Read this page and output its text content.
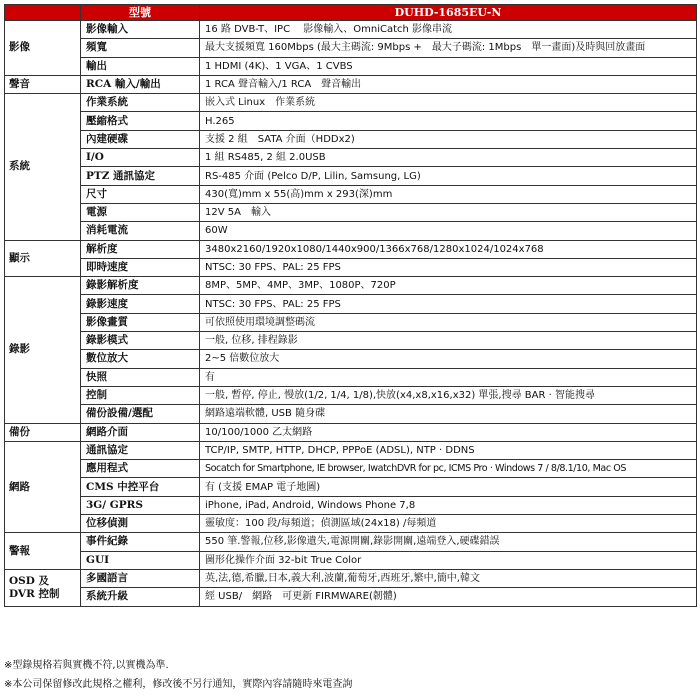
	型號	DUHD-1685EU-N
影像	影像輸入	16 路 DVB-T、IPC　 影像輸入、OmniCatch 影像串流
	頻寬	最大支援頻寬 160Mbps (最大主碼流: 9Mbps +　最大子碼流: 1Mbps　單一畫面)及時與回放畫面
	輸出	1 HDMI (4K)、1 VGA、1 CVBS
聲音	RCA 輸入/輸出	1 RCA 聲音輸入/1 RCA　聲音輸出
系統	作業系統	嵌入式 Linux　作業系統
	壓縮格式	H.265
	內建硬碟	支援 2 組　SATA 介面（HDDx2)
	I/O	1 組 RS485, 2 組 2.0USB
	PTZ 通訊協定	RS-485 介面 (Pelco D/P, Lilin, Samsung, LG)
	尺寸	430(寬)mm x 55(高)mm x 293(深)mm
	電源	12V 5A　輸入
	消耗電流	60W
顯示	解析度	3480x2160/1920x1080/1440x900/1366x768/1280x1024/1024x768
	即時速度	NTSC: 30 FPS、PAL: 25 FPS
錄影	錄影解析度	8MP、5MP、4MP、3MP、1080P、720P
	錄影速度	NTSC: 30 FPS、PAL: 25 FPS
	影像畫質	可依照使用環境調整碼流
	錄影模式	一般, 位移, 排程錄影
	數位放大	2~5 倍數位放大
	快照	有
	控制	一般, 暫停, 停止, 慢放(1/2, 1/4, 1/8),快放(x4,x8,x16,x32) 單張,搜尋 BAR · 智能搜尋
	備份設備/選配	網路遠端軟體, USB 隨身碟
備份	網路介面	10/100/1000 乙太網路
網路	通訊協定	TCP/IP, SMTP, HTTP, DHCP, PPPoE (ADSL), NTP · DDNS
	應用程式	Socatch for Smartphone, IE browser, IwatchDVR for pc, ICMS Pro · Windows 7 / 8/8.1/10, Mac OS
	CMS 中控平台	有 (支援 EMAP 電子地圖)
	3G/ GPRS	iPhone, iPad, Android, Windows Phone 7,8
	位移偵測	靈敏度：100 段/每頻道；偵測區域(24x18) /每頻道
警報	事件紀錄	550 筆.警報,位移,影像遺失,電源開關,錄影開關,遠端登入,硬碟錯誤
	GUI	圖形化操作介面 32-bit True Color
OSD 及 DVR 控制	多國語言	英,法,德,希臘,日本,義大利,波蘭,葡萄牙,西班牙,繁中,簡中,韓文
	系統升級	經 USB/　網路　可更新 FIRMWARE(韌體)
※型錄規格若與實機不符,以實機為準.
※本公司保留修改此規格之權利，修改後不另行通知，實際內容請隨時來電查詢
